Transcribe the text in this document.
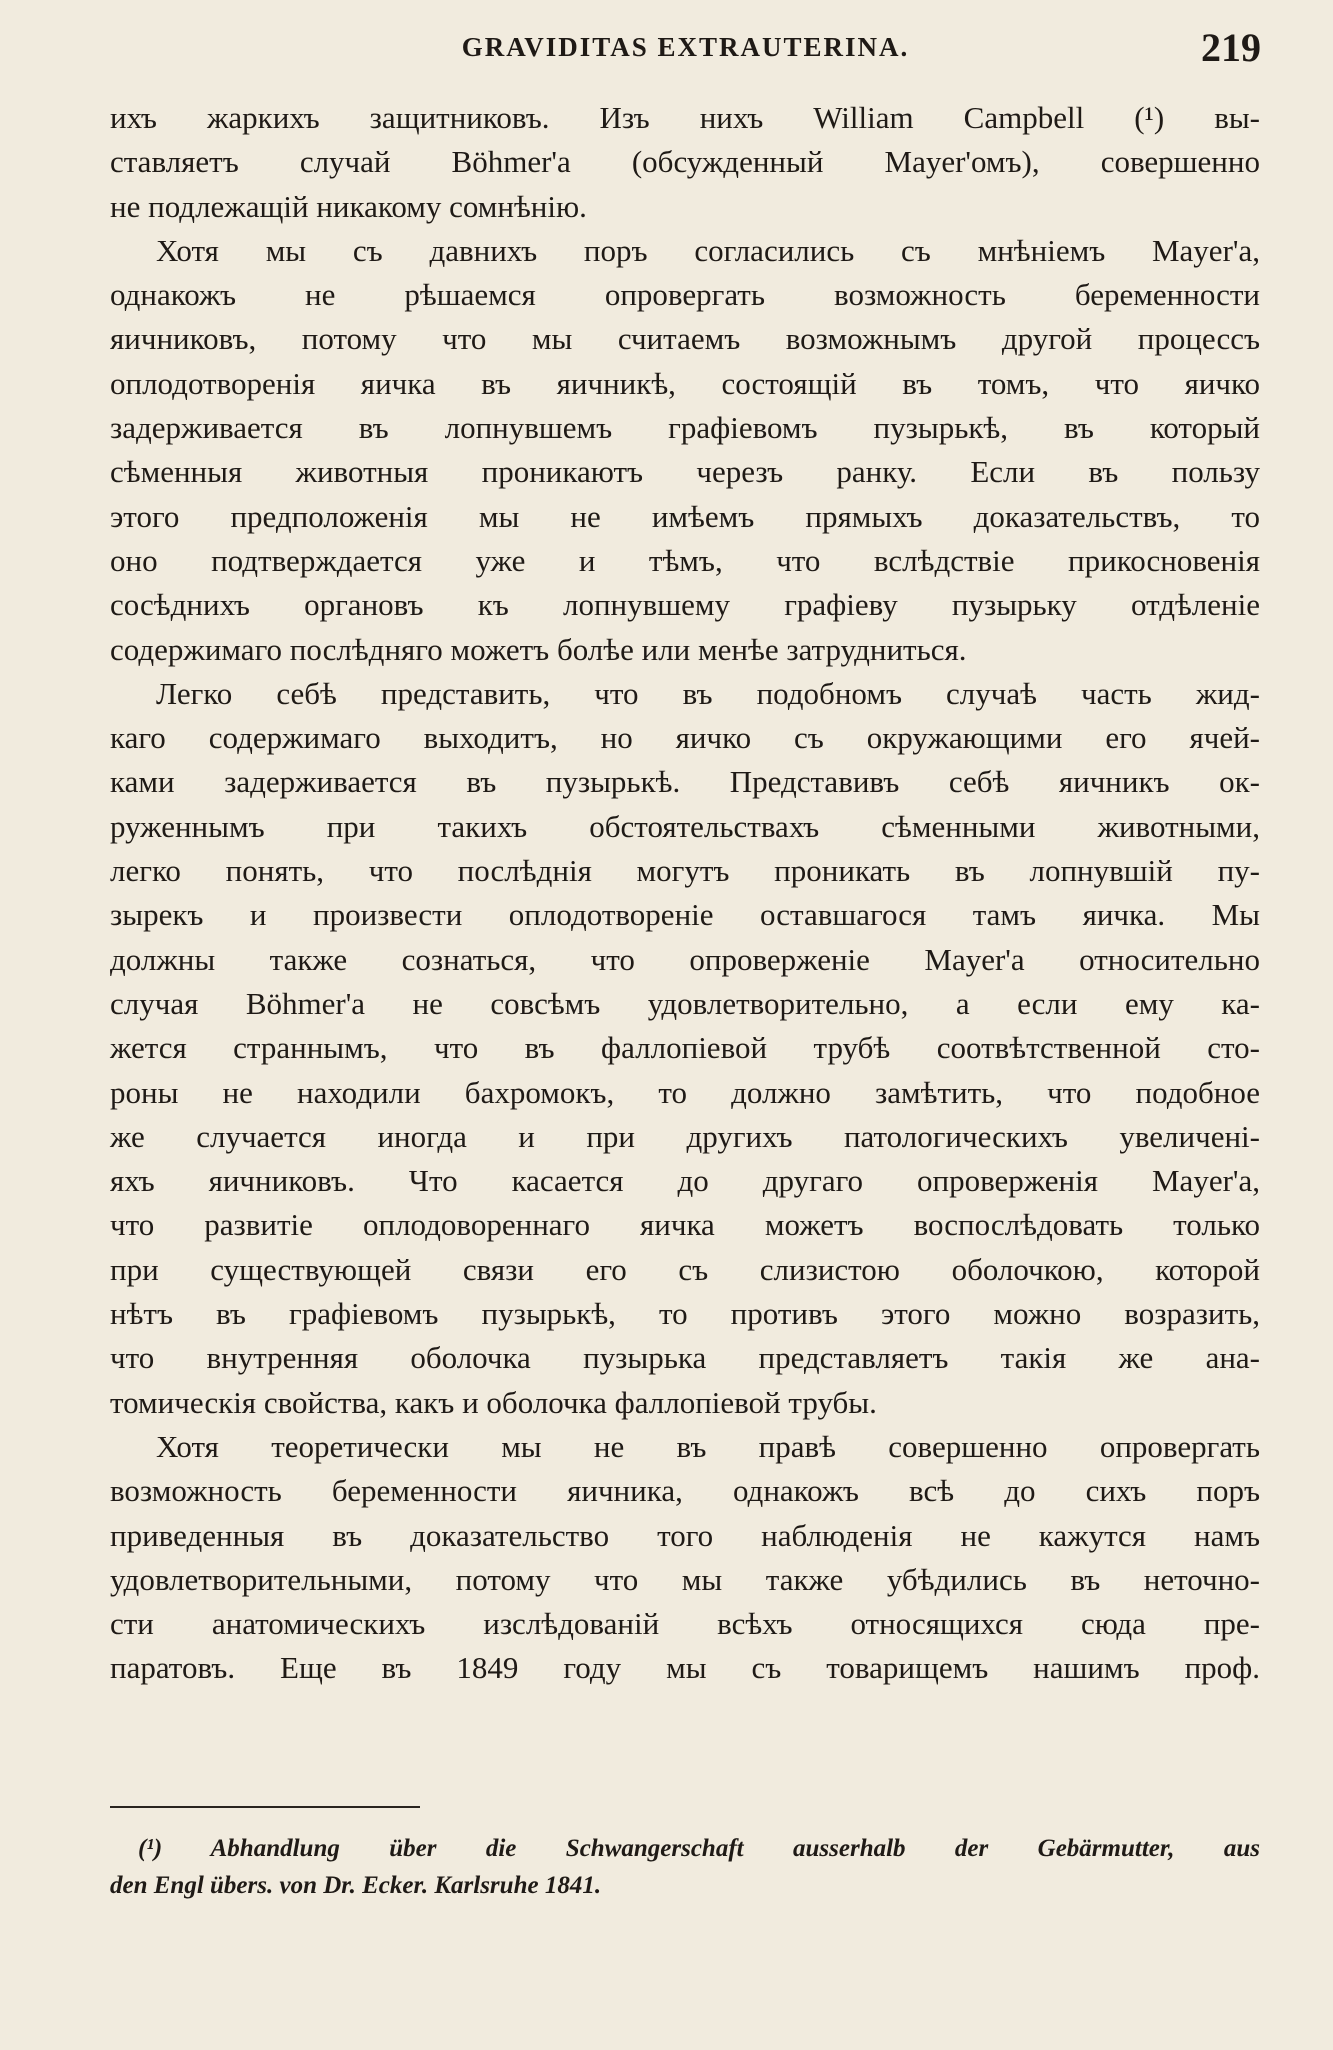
GRAVIDITAS EXTRAUTERINA.	219
ихъ жаркихъ защитниковъ. Изъ нихъ William Campbell (¹) вы-
ставляетъ случай Böhmer'а (обсужденный Mayer'омъ), совершенно
не подлежащій никакому сомнѣнію.
Хотя мы съ давнихъ поръ согласились съ мнѣніемъ Mayer'а,
однакожъ не рѣшаемся опровергать возможность беременности
яичниковъ, потому что мы считаемъ возможнымъ другой процессъ
оплодотворенія яичка въ яичникѣ, состоящій въ томъ, что яичко
задерживается въ лопнувшемъ графіевомъ пузырькѣ, въ который
сѣменныя животныя проникаютъ черезъ ранку. Если въ пользу
этого предположенія мы не имѣемъ прямыхъ доказательствъ, то
оно подтверждается уже и тѣмъ, что вслѣдствіе прикосновенія
сосѣднихъ органовъ къ лопнувшему графіеву пузырьку отдѣленіе
содержимаго послѣдняго можетъ болѣе или менѣе затрудниться.
Легко себѣ представить, что въ подобномъ случаѣ часть жид-
каго содержимаго выходитъ, но яичко съ окружающими его ячей-
ками задерживается въ пузырькѣ. Представивъ себѣ яичникъ ок-
руженнымъ при такихъ обстоятельствахъ сѣменными животными,
легко понять, что послѣднія могутъ проникать въ лопнувшій пу-
зырекъ и произвести оплодотвореніе оставшагося тамъ яичка. Мы
должны также сознаться, что опроверженіе Mayer'а относительно
случая Böhmer'а не совсѣмъ удовлетворительно, а если ему ка-
жется страннымъ, что въ фаллопіевой трубѣ соотвѣтственной сто-
роны не находили бахромокъ, то должно замѣтить, что подобное
же случается иногда и при другихъ патологическихъ увеличені-
яхъ яичниковъ. Что касается до другаго опроверженія Mayer'а,
что развитіе оплодовореннаго яичка можетъ воспослѣдовать только
при существующей связи его съ слизистою оболочкою, которой
нѣтъ въ графіевомъ пузырькѣ, то противъ этого можно возразить,
что внутренняя оболочка пузырька представляетъ такія же ана-
томическія свойства, какъ и оболочка фаллопіевой трубы.
Хотя теоретически мы не въ правѣ совершенно опровергать
возможность беременности яичника, однакожъ всѣ до сихъ поръ
приведенныя въ доказательство того наблюденія не кажутся намъ
удовлетворительными, потому что мы также убѣдились въ неточно-
сти анатомическихъ изслѣдованій всѣхъ относящихся сюда пре-
паратовъ. Еще въ 1849 году мы съ товарищемъ нашимъ проф.
(¹) Abhandlung über die Schwangerschaft ausserhalb der Gebärmutter, aus
den Engl übers. von Dr. Ecker. Karlsruhe 1841.
